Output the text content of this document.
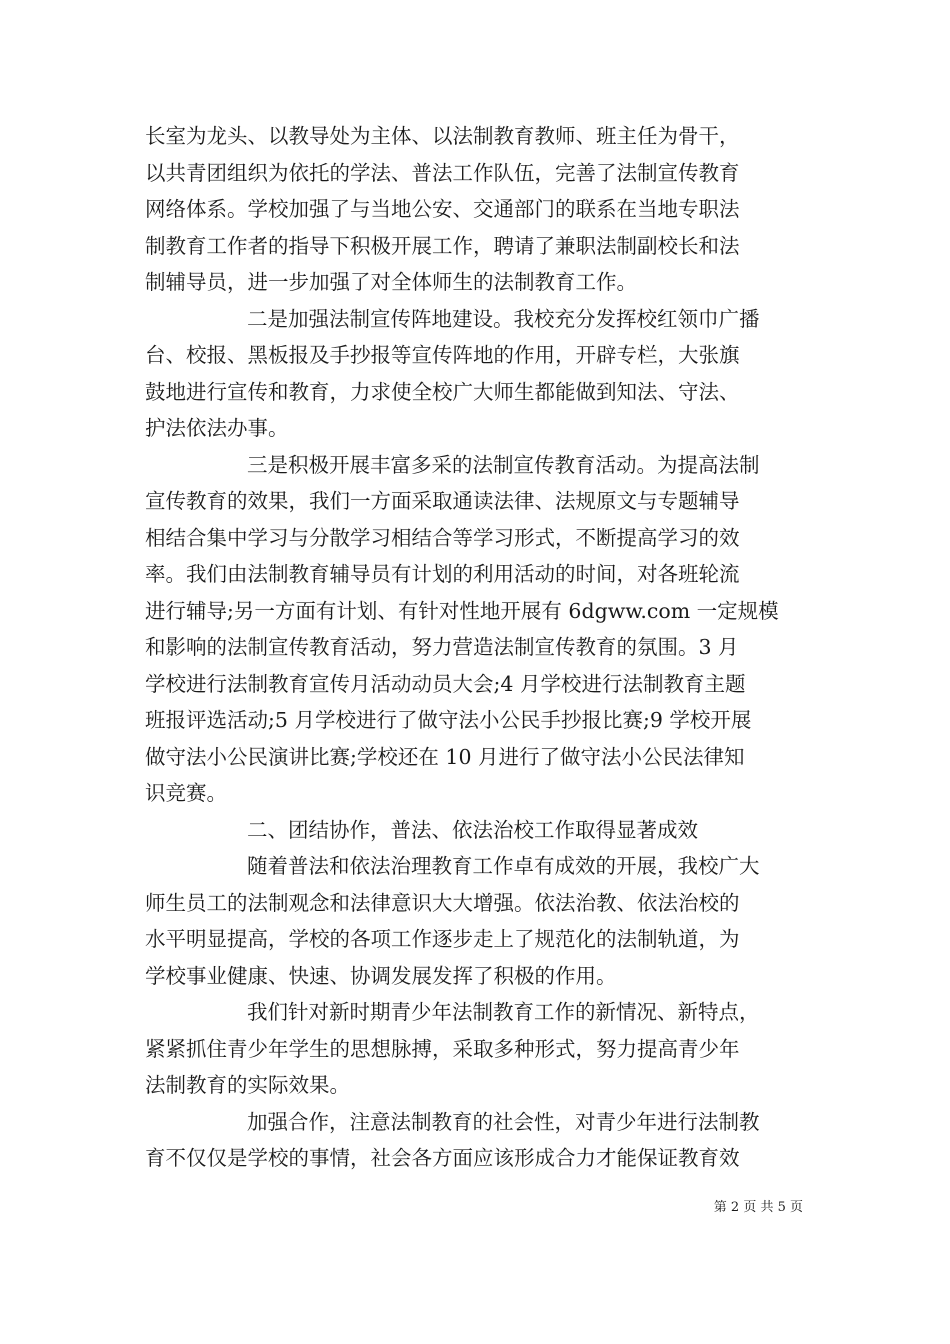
长室为龙头、以教导处为主体、以法制教育教师、班主任为骨干，
以共青团组织为依托的学法、普法工作队伍，完善了法制宣传教育
网络体系。学校加强了与当地公安、交通部门的联系在当地专职法
制教育工作者的指导下积极开展工作，聘请了兼职法制副校长和法
制辅导员，进一步加强了对全体师生的法制教育工作。
二是加强法制宣传阵地建设。我校充分发挥校红领巾广播
台、校报、黑板报及手抄报等宣传阵地的作用，开辟专栏，大张旗
鼓地进行宣传和教育，力求使全校广大师生都能做到知法、守法、
护法依法办事。
三是积极开展丰富多采的法制宣传教育活动。为提高法制
宣传教育的效果，我们一方面采取通读法律、法规原文与专题辅导
相结合集中学习与分散学习相结合等学习形式，不断提高学习的效
率。我们由法制教育辅导员有计划的利用活动的时间，对各班轮流
进行辅导;另一方面有计划、有针对性地开展有 6dgww.com 一定规模
和影响的法制宣传教育活动，努力营造法制宣传教育的氛围。3 月
学校进行法制教育宣传月活动动员大会;4 月学校进行法制教育主题
班报评选活动;5 月学校进行了做守法小公民手抄报比赛;9 学校开展
做守法小公民演讲比赛;学校还在 10 月进行了做守法小公民法律知
识竞赛。
二、团结协作，普法、依法治校工作取得显著成效
随着普法和依法治理教育工作卓有成效的开展，我校广大
师生员工的法制观念和法律意识大大增强。依法治教、依法治校的
水平明显提高，学校的各项工作逐步走上了规范化的法制轨道，为
学校事业健康、快速、协调发展发挥了积极的作用。
我们针对新时期青少年法制教育工作的新情况、新特点，
紧紧抓住青少年学生的思想脉搏，采取多种形式，努力提高青少年
法制教育的实际效果。
加强合作，注意法制教育的社会性，对青少年进行法制教
育不仅仅是学校的事情，社会各方面应该形成合力才能保证教育效
第 2 页 共 5 页
